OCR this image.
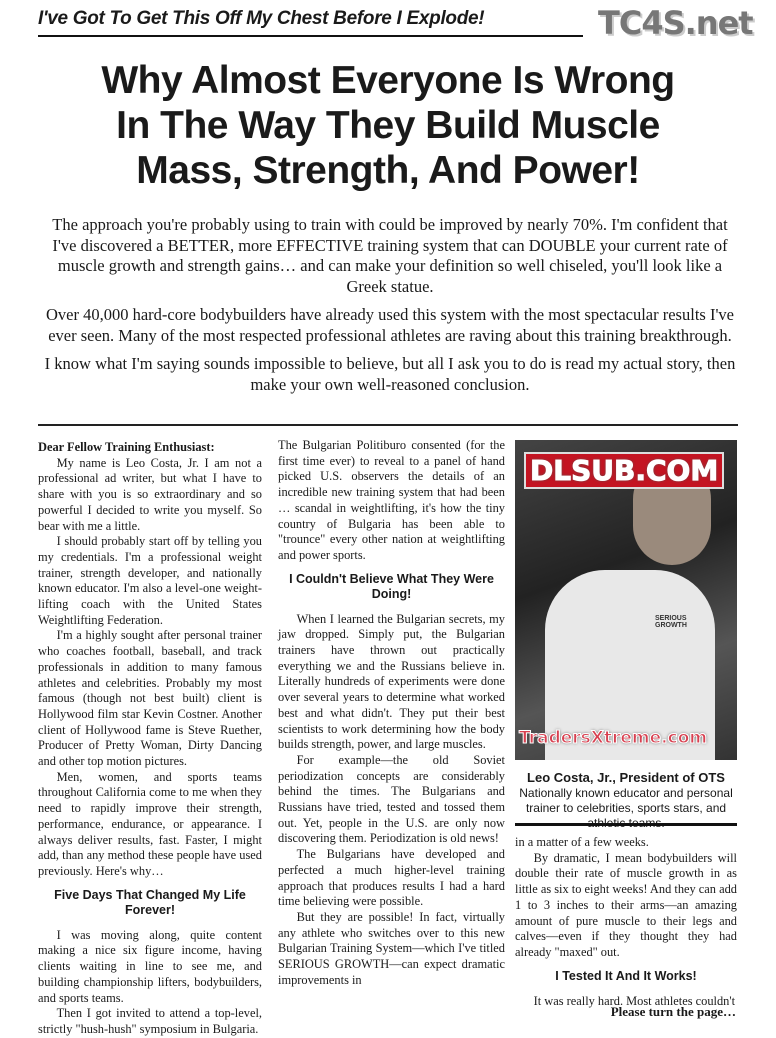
I've Got To Get This Off My Chest Before I Explode!	TC4S.net
Why Almost Everyone Is Wrong
In The Way They Build Muscle
Mass, Strength, And Power!

The approach you're probably using to train with could be improved by nearly 70%. I'm confident that I've discovered a BETTER, more EFFECTIVE training system that can DOUBLE your current rate of muscle growth and strength gains… and can make your definition so well chiseled, you'll look like a Greek statue.

Over 40,000 hard-core bodybuilders have already used this system with the most spectacular results I've ever seen. Many of the most respected professional athletes are raving about this training breakthrough.

I know what I'm saying sounds impossible to believe, but all I ask you to do is read my actual story, then make your own well-reasoned conclusion.

Dear Fellow Training Enthusiast:

My name is Leo Costa, Jr. I am not a professional ad writer, but what I have to share with you is so extraordinary and so powerful I decided to write you myself. So bear with me a little.

I should probably start off by telling you my credentials. I'm a professional weight trainer, strength developer, and nationally known educator. I'm also a level-one weight-lifting coach with the United States Weightlifting Federation.

I'm a highly sought after personal trainer who coaches football, baseball, and track professionals in addition to many famous athletes and celebrities. Probably my most famous (though not best built) client is Hollywood film star Kevin Costner. Another client of Hollywood fame is Steve Ruether, Producer of Pretty Woman, Dirty Dancing and other top motion pictures.

Men, women, and sports teams throughout California come to me when they need to rapidly improve their strength, performance, endurance, or appearance. I always deliver results, fast. Faster, I might add, than any method these people have used previously. Here's why…

Five Days That Changed My Life Forever!

I was moving along, quite content making a nice six figure income, having clients waiting in line to see me, and building championship lifters, bodybuilders, and sports teams.

Then I got invited to attend a top-level, strictly "hush-hush" symposium in Bulgaria.

The Bulgarian Politiburo consented (for the first time ever) to reveal to a panel of hand picked U.S. observers the details of an incredible new training system that had been … scandal in weightlifting, it's how the tiny country of Bulgaria has been able to "trounce" every other nation at weightlifting and power sports.

I Couldn't Believe What They Were Doing!

When I learned the Bulgarian secrets, my jaw dropped. Simply put, the Bulgarian trainers have thrown out practically everything we and the Russians believe in. Literally hundreds of experiments were done over several years to determine what worked best and what didn't. They put their best scientists to work determining how the body builds strength, power, and large muscles.

For example—the old Soviet periodization concepts are considerably behind the times. The Bulgarians and Russians have tried, tested and tossed them out. Yet, people in the U.S. are only now discovering them. Periodization is old news!

The Bulgarians have developed and perfected a much higher-level training approach that produces results I had a hard time believing were possible.

But they are possible! In fact, virtually any athlete who switches over to this new Bulgarian Training System—which I've titled SERIOUS GROWTH—can expect dramatic improvements in

SERIOUS GROWTH
Leo Costa, Jr., President of OTS
Nationally known educator and personal trainer to celebrities, sports stars, and athletic teams.

in a matter of a few weeks.

By dramatic, I mean bodybuilders will double their rate of muscle growth in as little as six to eight weeks! And they can add 1 to 3 inches to their arms—an amazing amount of pure muscle to their legs and calves—even if they thought they had already "maxed" out.

I Tested It And It Works!

It was really hard. Most athletes couldn't

DLSUB.COM
TradersXtreme.com
Please turn the page…
